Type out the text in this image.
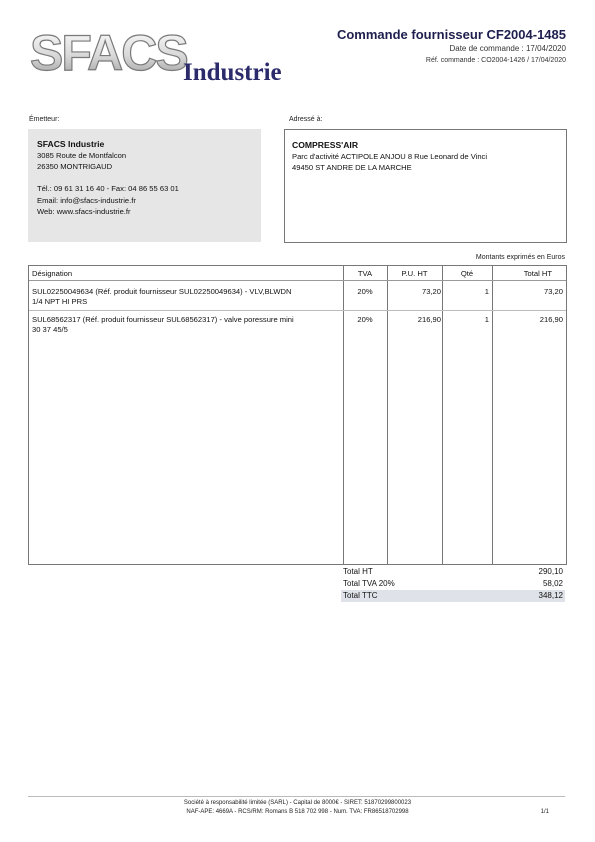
SFACS
Industrie
Commande fournisseur CF2004-1485
Date de commande : 17/04/2020
Réf. commande : CO2004-1426 / 17/04/2020
Émetteur:
SFACS Industrie
3085 Route de Montfalcon
26350 MONTRIGAUD
Tél.: 09 61 31 16 40 - Fax: 04 86 55 63 01
Email: info@sfacs-industrie.fr
Web: www.sfacs-industrie.fr
Adressé à:
COMPRESS'AIR
Parc d'activité ACTIPOLE ANJOU 8 Rue Leonard de Vinci
49450 ST ANDRE DE LA MARCHE
Montants exprimés en Euros
Désignation	TVA	P.U. HT	Qté	Total HT
SUL02250049634 (Réf. produit fournisseur SUL02250049634) - VLV,BLWDN
1/4 NPT HI PRS
20%	73,20	1	73,20
SUL68562317 (Réf. produit fournisseur SUL68562317) - valve poressure mini
30 37 45/5
20%	216,90	1	216,90
Total HT	290,10
Total TVA 20%	58,02
Total TTC	348,12
Société à responsabilité limitée (SARL) - Capital de 8000€ - SIRET: 51870299800023
NAF-APE: 4669A - RCS/RM: Romans B 518 702 998 - Num. TVA: FR86518702998	1/1
